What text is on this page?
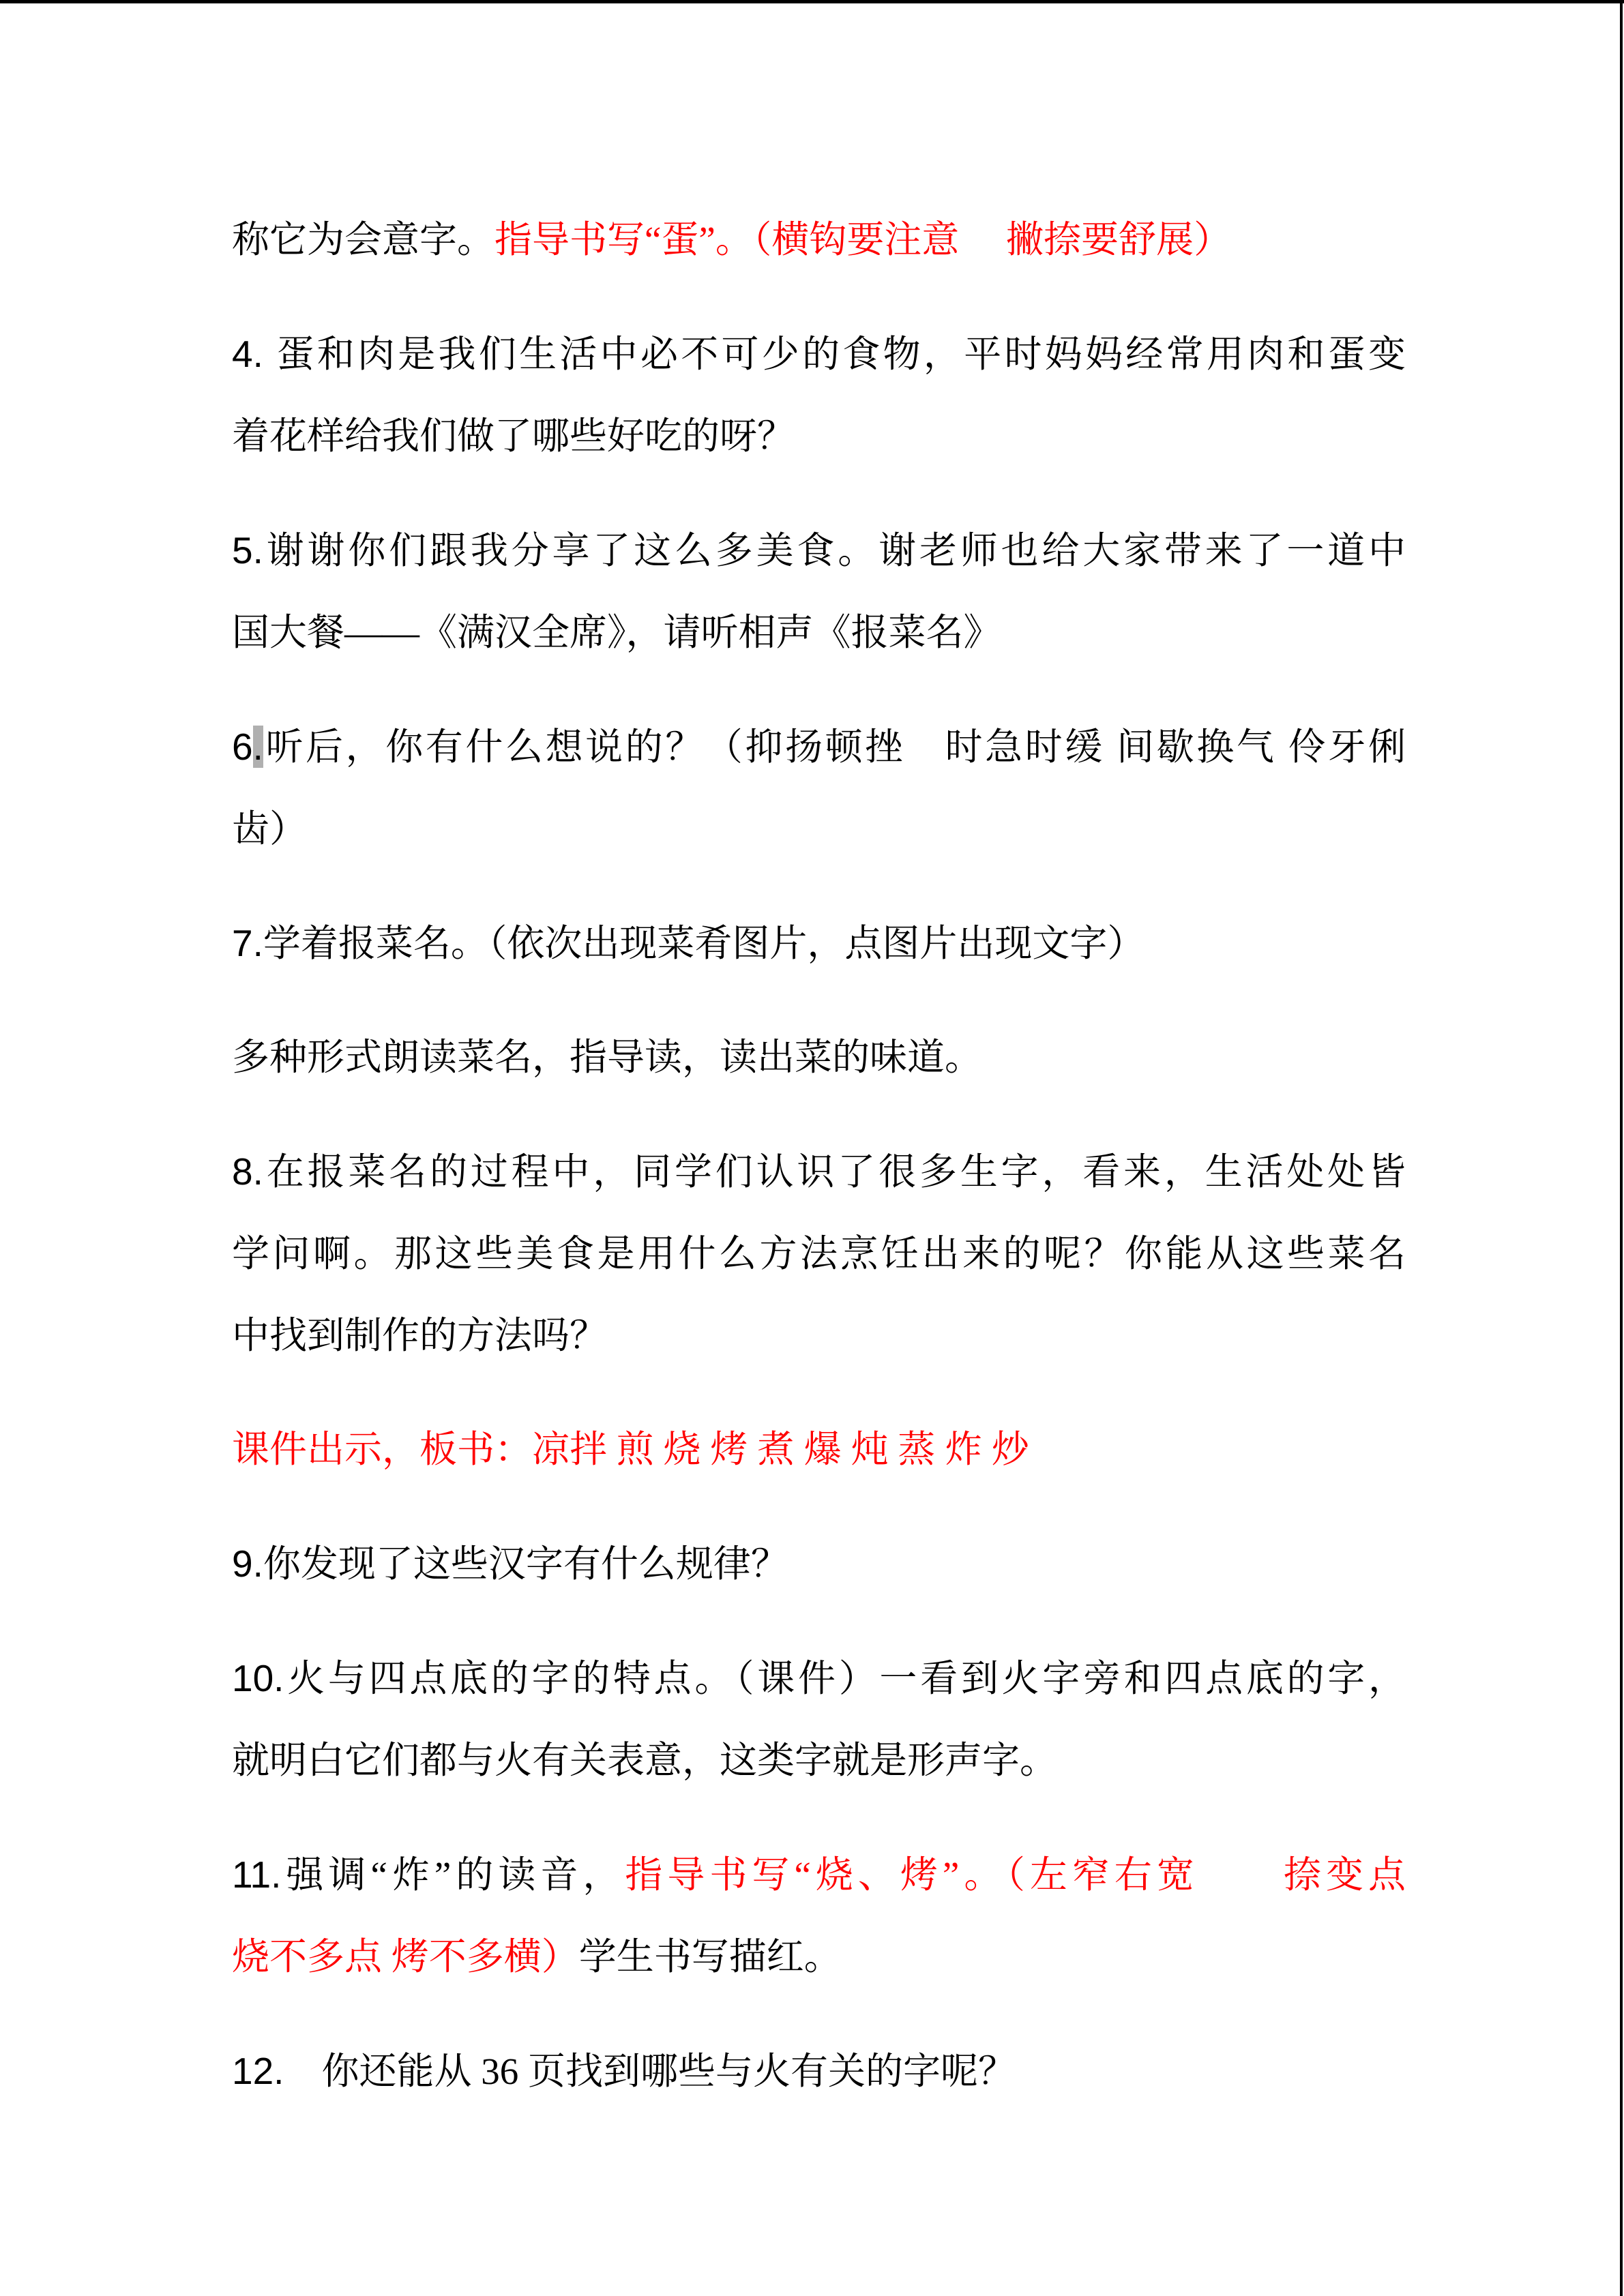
称它为会意字。指导书写“蛋”。（横钩要注意　 撇捺要舒展）
4. 蛋和肉是我们生活中必不可少的食物，平时妈妈经常用肉和蛋变
着花样给我们做了哪些好吃的呀？
5.谢谢你们跟我分享了这么多美食。谢老师也给大家带来了一道中
国大餐——《满汉全席》，请听相声《报菜名》
6.听后，你有什么想说的？（抑扬顿挫　时急时缓 间歇换气 伶牙俐
齿）
7.学着报菜名。（依次出现菜肴图片，点图片出现文字）
多种形式朗读菜名，指导读，读出菜的味道。
8.在报菜名的过程中，同学们认识了很多生字，看来，生活处处皆
学问啊。那这些美食是用什么方法烹饪出来的呢？你能从这些菜名
中找到制作的方法吗？
课件出示，板书：凉拌 煎 烧 烤 煮 爆 炖 蒸 炸 炒
9.你发现了这些汉字有什么规律？
10.火与四点底的字的特点。（课件）一看到火字旁和四点底的字，
就明白它们都与火有关表意，这类字就是形声字。
11.强调“炸”的读音，指导书写“烧、烤”。（左窄右宽　　捺变点
烧不多点 烤不多横）学生书写描红。
12.　你还能从 36 页找到哪些与火有关的字呢？
